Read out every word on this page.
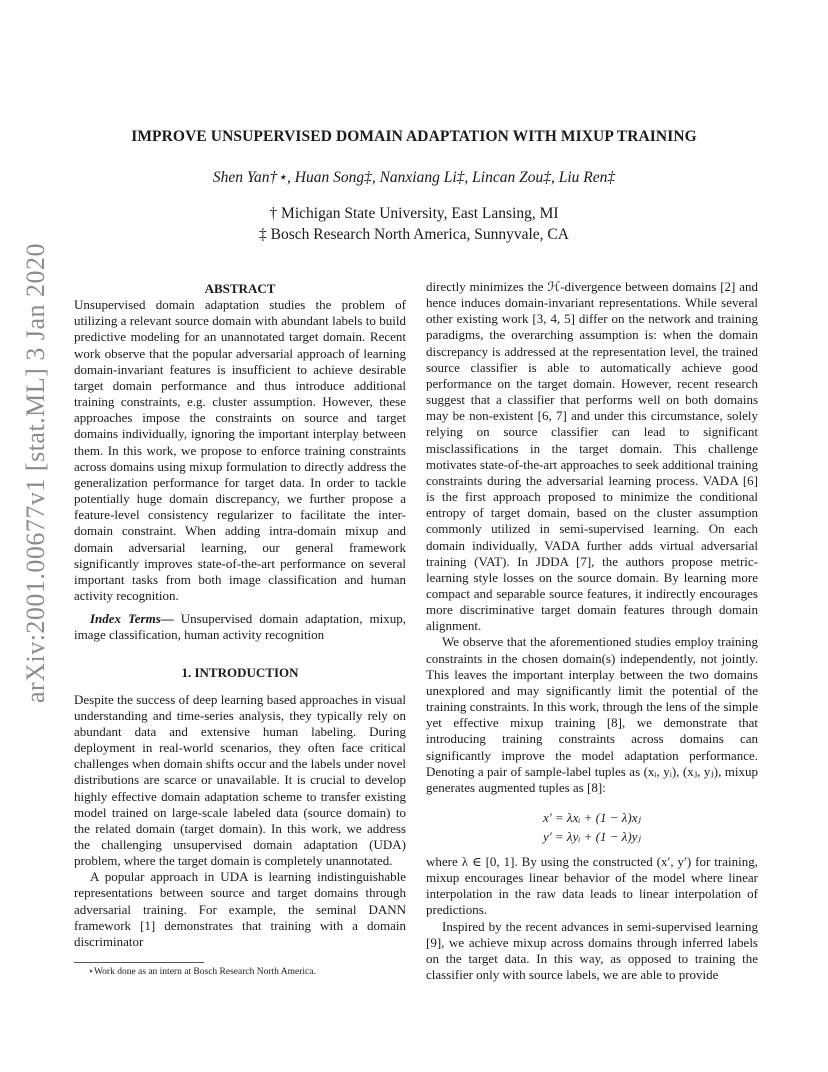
arXiv:2001.00677v1 [stat.ML] 3 Jan 2020
IMPROVE UNSUPERVISED DOMAIN ADAPTATION WITH MIXUP TRAINING
Shen Yan†⋆, Huan Song‡, Nanxiang Li‡, Lincan Zou‡, Liu Ren‡
† Michigan State University, East Lansing, MI
‡ Bosch Research North America, Sunnyvale, CA

ABSTRACT

Unsupervised domain adaptation studies the problem of utilizing a relevant source domain with abundant labels to build predictive modeling for an unannotated target domain. Recent work observe that the popular adversarial approach of learning domain-invariant features is insufficient to achieve desirable target domain performance and thus introduce additional training constraints, e.g. cluster assumption. However, these approaches impose the constraints on source and target domains individually, ignoring the important interplay between them. In this work, we propose to enforce training constraints across domains using mixup formulation to directly address the generalization performance for target data. In order to tackle potentially huge domain discrepancy, we further propose a feature-level consistency regularizer to facilitate the inter-domain constraint. When adding intra-domain mixup and domain adversarial learning, our general framework significantly improves state-of-the-art performance on several important tasks from both image classification and human activity recognition.

Index Terms— Unsupervised domain adaptation, mixup, image classification, human activity recognition

1. INTRODUCTION

Despite the success of deep learning based approaches in visual understanding and time-series analysis, they typically rely on abundant data and extensive human labeling. During deployment in real-world scenarios, they often face critical challenges when domain shifts occur and the labels under novel distributions are scarce or unavailable. It is crucial to develop highly effective domain adaptation scheme to transfer existing model trained on large-scale labeled data (source domain) to the related domain (target domain). In this work, we address the challenging unsupervised domain adaptation (UDA) problem, where the target domain is completely unannotated.

A popular approach in UDA is learning indistinguishable representations between source and target domains through adversarial training. For example, the seminal DANN framework [1] demonstrates that training with a domain discriminator

directly minimizes the ℋ-divergence between domains [2] and hence induces domain-invariant representations. While several other existing work [3, 4, 5] differ on the network and training paradigms, the overarching assumption is: when the domain discrepancy is addressed at the representation level, the trained source classifier is able to automatically achieve good performance on the target domain. However, recent research suggest that a classifier that performs well on both domains may be non-existent [6, 7] and under this circumstance, solely relying on source classifier can lead to significant misclassifications in the target domain. This challenge motivates state-of-the-art approaches to seek additional training constraints during the adversarial learning process. VADA [6] is the first approach proposed to minimize the conditional entropy of target domain, based on the cluster assumption commonly utilized in semi-supervised learning. On each domain individually, VADA further adds virtual adversarial training (VAT). In JDDA [7], the authors propose metric-learning style losses on the source domain. By learning more compact and separable source features, it indirectly encourages more discriminative target domain features through domain alignment.

We observe that the aforementioned studies employ training constraints in the chosen domain(s) independently, not jointly. This leaves the important interplay between the two domains unexplored and may significantly limit the potential of the training constraints. In this work, through the lens of the simple yet effective mixup training [8], we demonstrate that introducing training constraints across domains can significantly improve the model adaptation performance. Denoting a pair of sample-label tuples as (xᵢ, yᵢ), (xⱼ, yⱼ), mixup generates augmented tuples as [8]:

x′ = λxᵢ + (1 − λ)xⱼ
y′ = λyᵢ + (1 − λ)yⱼ

where λ ∈ [0, 1]. By using the constructed (x′, y′) for training, mixup encourages linear behavior of the model where linear interpolation in the raw data leads to linear interpolation of predictions.

Inspired by the recent advances in semi-supervised learning [9], we achieve mixup across domains through inferred labels on the target data. In this way, as opposed to training the classifier only with source labels, we are able to provide

⋆Work done as an intern at Bosch Research North America.
